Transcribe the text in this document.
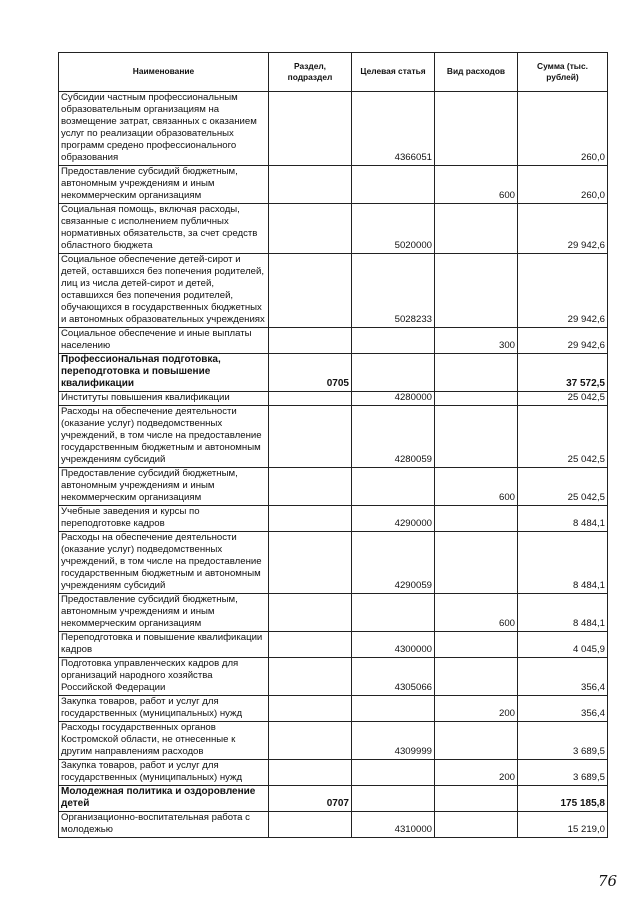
Наименование	Раздел, подраздел	Целевая статья	Вид расходов	Сумма (тыс. рублей)
Субсидии частным профессиональным образовательным организациям на возмещение затрат, связанных с оказанием услуг по реализации образовательных программ средено профессионального образования		4366051		260,0
Предоставление субсидий бюджетным, автономным учреждениям и иным некоммерческим организациям			600	260,0
Социальная помощь, включая расходы, связанные с исполнением публичных нормативных обязательств, за счет средств областного бюджета		5020000		29 942,6
Социальное обеспечение детей-сирот и детей, оставшихся без попечения родителей, лиц из числа детей-сирот и детей, оставшихся без попечения родителей, обучающихся в государственных бюджетных и автономных образовательных учреждениях		5028233		29 942,6
Социальное обеспечение и иные выплаты населению			300	29 942,6
Профессиональная подготовка, переподготовка и повышение квалификации	0705			37 572,5
Институты повышения квалификации		4280000		25 042,5
Расходы на обеспечение деятельности (оказание услуг) подведомственных учреждений, в том числе на предоставление государственным бюджетным и автономным учреждениям субсидий		4280059		25 042,5
Предоставление субсидий бюджетным, автономным учреждениям и иным некоммерческим организациям			600	25 042,5
Учебные заведения и курсы по переподготовке кадров		4290000		8 484,1
Расходы на обеспечение деятельности (оказание услуг) подведомственных учреждений, в том числе на предоставление государственным бюджетным и автономным учреждениям субсидий		4290059		8 484,1
Предоставление субсидий бюджетным, автономным учреждениям и иным некоммерческим организациям			600	8 484,1
Переподготовка и повышение квалификации кадров		4300000		4 045,9
Подготовка управленческих кадров для организаций народного хозяйства Российской Федерации		4305066		356,4
Закупка товаров, работ и услуг для государственных (муниципальных) нужд			200	356,4
Расходы государственных органов Костромской области, не отнесенные к другим направлениям расходов		4309999		3 689,5
Закупка товаров, работ и услуг для государственных (муниципальных) нужд			200	3 689,5
Молодежная политика и оздоровление детей	0707			175 185,8
Организационно-воспитательная работа с молодежью		4310000		15 219,0
76
